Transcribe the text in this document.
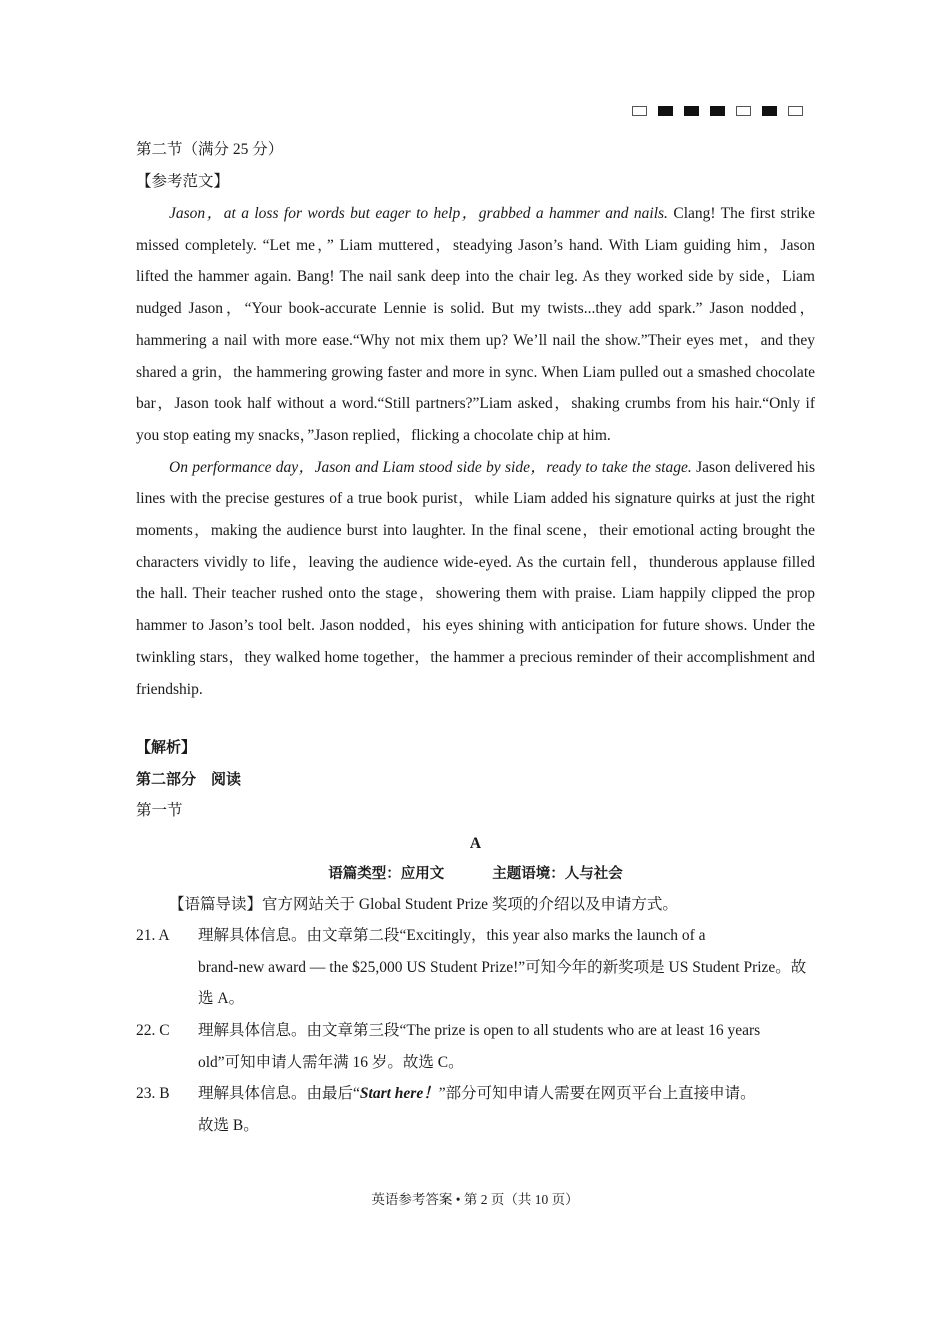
第二节（满分 25 分）
【参考范文】

Jason，at a loss for words but eager to help，grabbed a hammer and nails. Clang! The first strike missed completely. “Let me，” Liam muttered，steadying Jason’s hand. With Liam guiding him，Jason lifted the hammer again. Bang! The nail sank deep into the chair leg. As they worked side by side，Liam nudged Jason，“Your book-accurate Lennie is solid. But my twists...they add spark.” Jason nodded，hammering a nail with more ease.“Why not mix them up? We’ll nail the show.”Their eyes met，and they shared a grin，the hammering growing faster and more in sync. When Liam pulled out a smashed chocolate bar，Jason took half without a word.“Still partners?”Liam asked，shaking crumbs from his hair.“Only if you stop eating my snacks，”Jason replied，flicking a chocolate chip at him.

On performance day，Jason and Liam stood side by side，ready to take the stage. Jason delivered his lines with the precise gestures of a true book purist，while Liam added his signature quirks at just the right moments，making the audience burst into laughter. In the final scene，their emotional acting brought the characters vividly to life，leaving the audience wide-eyed. As the curtain fell，thunderous applause filled the hall. Their teacher rushed onto the stage，showering them with praise. Liam happily clipped the prop hammer to Jason’s tool belt. Jason nodded，his eyes shining with anticipation for future shows. Under the twinkling stars，they walked home together，the hammer a precious reminder of their accomplishment and friendship.

【解析】
第二部分　阅读
第一节
A
语篇类型：应用文	主题语境：人与社会
【语篇导读】官方网站关于 Global Student Prize 奖项的介绍以及申请方式。
21. A	理解具体信息。由文章第二段“Excitingly，this year also marks the launch of a
brand-new award — the $25,000 US Student Prize!”可知今年的新奖项是 US Student Prize。故选 A。
22. C	理解具体信息。由文章第三段“The prize is open to all students who are at least 16 years
old”可知申请人需年满 16 岁。故选 C。
23. B	理解具体信息。由最后“Start here！”部分可知申请人需要在网页平台上直接申请。
故选 B。
英语参考答案 • 第 2 页（共 10 页）
